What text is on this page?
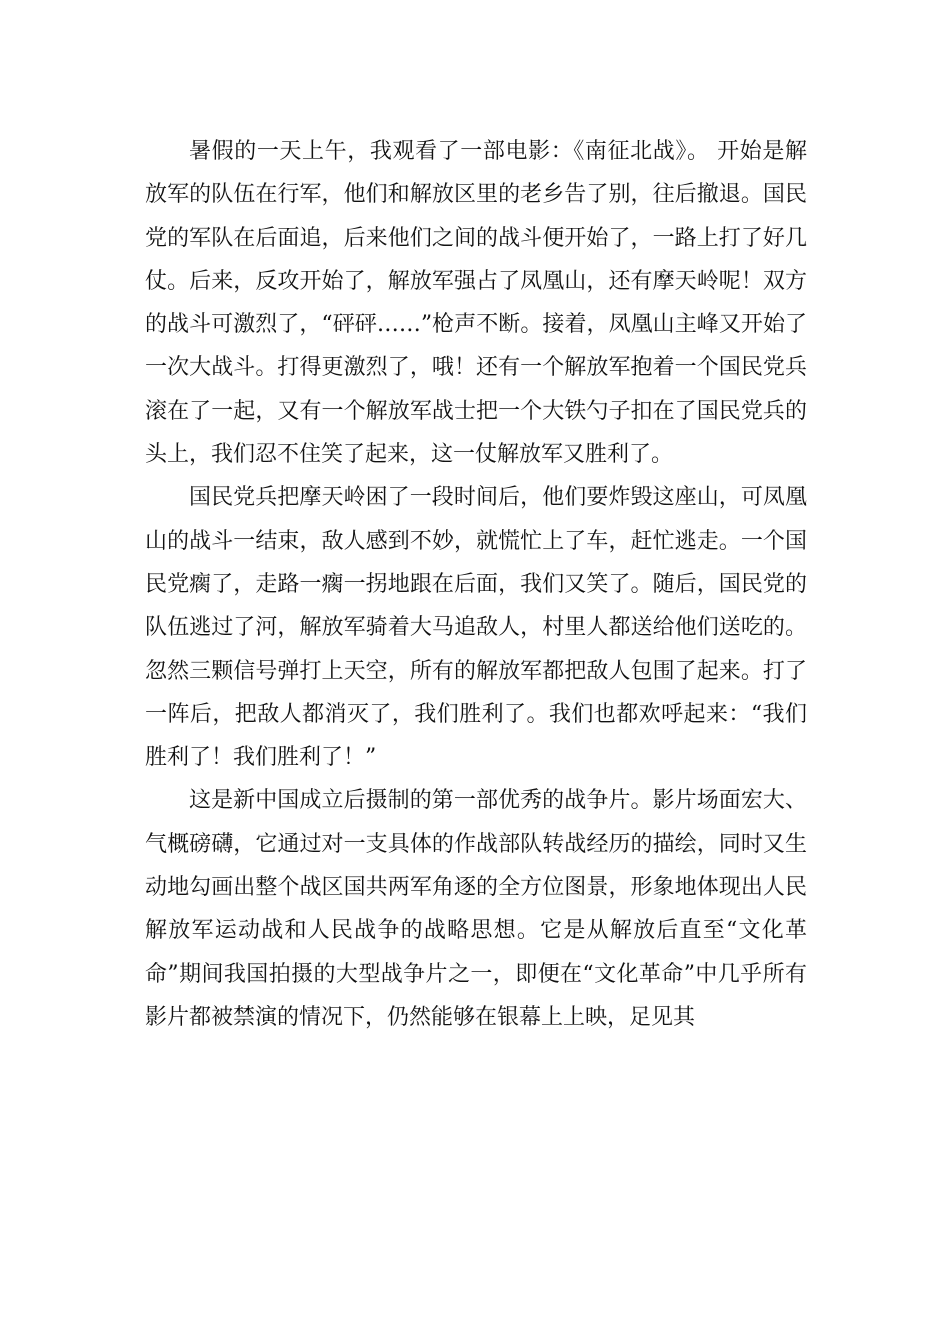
暑假的一天上午，我观看了一部电影：《南征北战》。 开始是解放军的队伍在行军，他们和解放区里的老乡告了别，往后撤退。国民党的军队在后面追，后来他们之间的战斗便开始了，一路上打了好几仗。后来，反攻开始了，解放军强占了凤凰山，还有摩天岭呢！双方的战斗可激烈了，“砰砰……”枪声不断。接着，凤凰山主峰又开始了一次大战斗。打得更激烈了，哦！还有一个解放军抱着一个国民党兵滚在了一起，又有一个解放军战士把一个大铁勺子扣在了国民党兵的头上，我们忍不住笑了起来，这一仗解放军又胜利了。

国民党兵把摩天岭困了一段时间后，他们要炸毁这座山，可凤凰山的战斗一结束，敌人感到不妙，就慌忙上了车，赶忙逃走。一个国民党瘸了，走路一瘸一拐地跟在后面，我们又笑了。随后，国民党的队伍逃过了河，解放军骑着大马追敌人，村里人都送给他们送吃的。忽然三颗信号弹打上天空，所有的解放军都把敌人包围了起来。打了一阵后，把敌人都消灭了，我们胜利了。我们也都欢呼起来：“我们胜利了！我们胜利了！”

这是新中国成立后摄制的第一部优秀的战争片。影片场面宏大、气概磅礴，它通过对一支具体的作战部队转战经历的描绘，同时又生动地勾画出整个战区国共两军角逐的全方位图景，形象地体现出人民解放军运动战和人民战争的战略思想。它是从解放后直至“文化革命”期间我国拍摄的大型战争片之一，即便在“文化革命”中几乎所有影片都被禁演的情况下，仍然能够在银幕上上映，足见其
